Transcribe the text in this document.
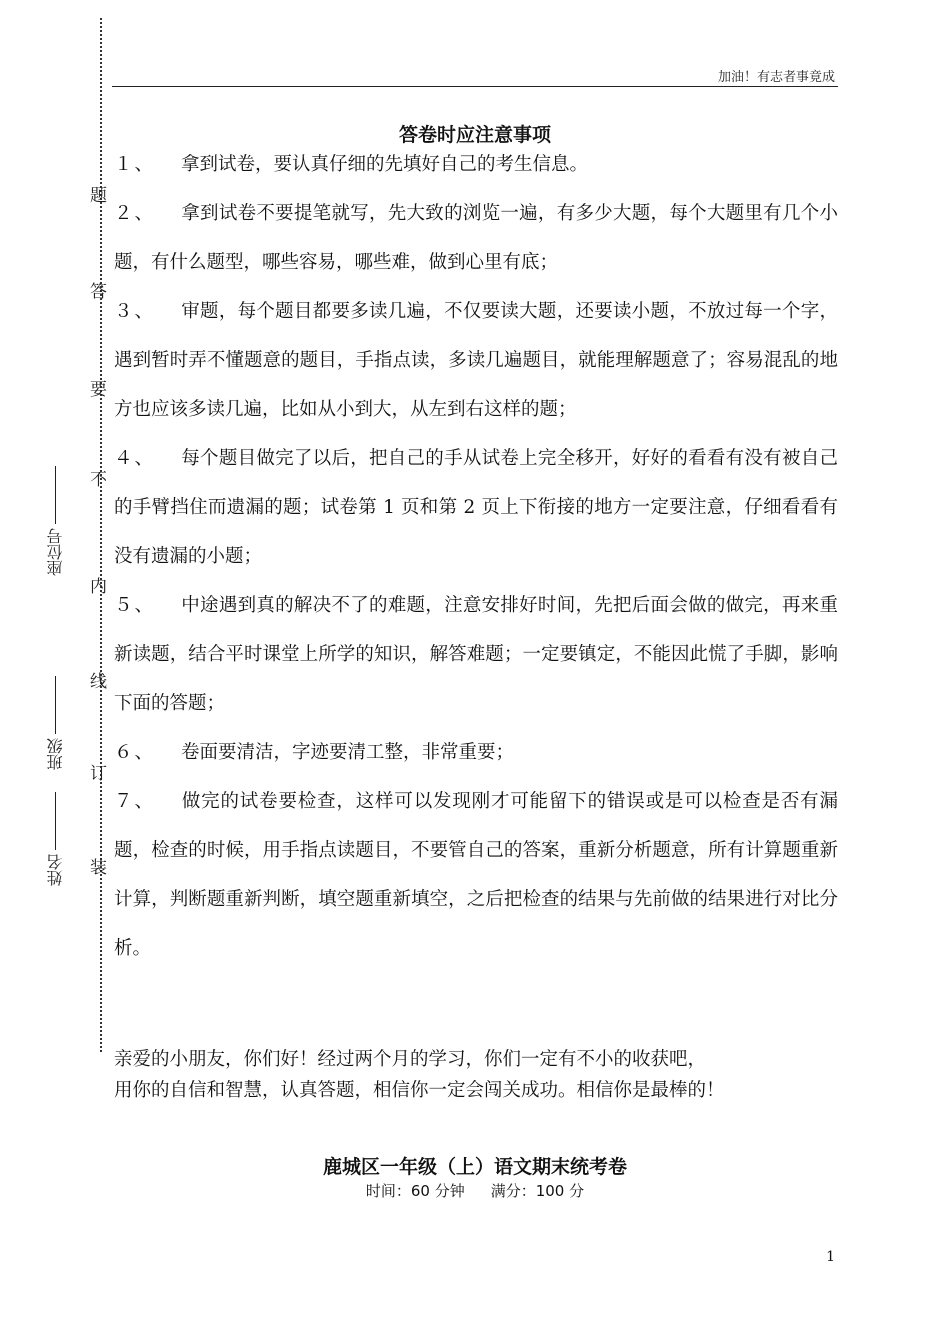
加油！有志者事竟成
题
答
要
不
内
线
订
装
座位号
班级
姓名
答卷时应注意事项
１、 拿到试卷，要认真仔细的先填好自己的考生信息。
２、 拿到试卷不要提笔就写，先大致的浏览一遍，有多少大题，每个大题里有几个小题，有什么题型，哪些容易，哪些难，做到心里有底；
３、 审题，每个题目都要多读几遍，不仅要读大题，还要读小题，不放过每一个字，遇到暂时弄不懂题意的题目，手指点读，多读几遍题目，就能理解题意了；容易混乱的地方也应该多读几遍，比如从小到大，从左到右这样的题；
４、 每个题目做完了以后，把自己的手从试卷上完全移开，好好的看看有没有被自己的手臂挡住而遗漏的题；试卷第 1 页和第 2 页上下衔接的地方一定要注意，仔细看看有没有遗漏的小题；
５、 中途遇到真的解决不了的难题，注意安排好时间，先把后面会做的做完，再来重新读题，结合平时课堂上所学的知识，解答难题；一定要镇定，不能因此慌了手脚，影响下面的答题；
６、 卷面要清洁，字迹要清工整，非常重要；
７、 做完的试卷要检查，这样可以发现刚才可能留下的错误或是可以检查是否有漏题，检查的时候，用手指点读题目，不要管自己的答案，重新分析题意，所有计算题重新计算，判断题重新判断，填空题重新填空，之后把检查的结果与先前做的结果进行对比分析。
亲爱的小朋友，你们好！经过两个月的学习，你们一定有不小的收获吧，
用你的自信和智慧，认真答题，相信你一定会闯关成功。相信你是最棒的！
鹿城区一年级（上）语文期末统考卷
时间：60 分钟 满分：100 分
1
